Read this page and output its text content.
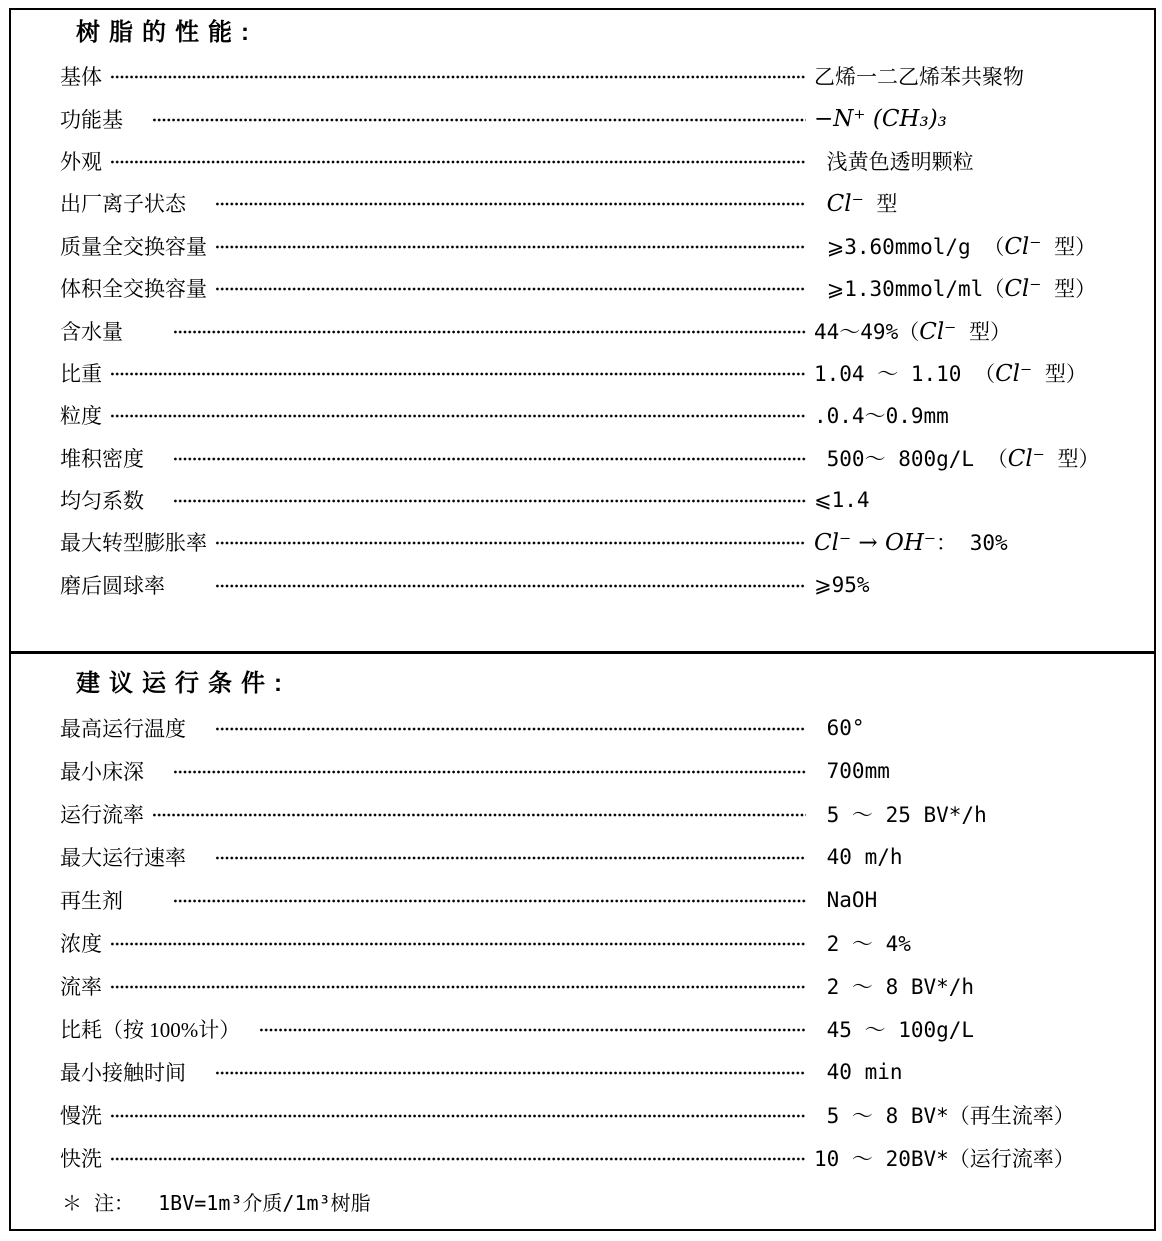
树脂的性能:
基体	乙烯一二乙烯苯共聚物
功能基　	−N⁺ (CH₃)₃
外观	浅黄色透明颗粒
出厂离子状态　	Cl⁻ 型
质量全交换容量	⩾3.60mmol/g （Cl⁻ 型）
体积全交换容量	⩾1.30mmol/ml（Cl⁻ 型）
含水量　　	44～49%（Cl⁻ 型）
比重	1.04 ～ 1.10 （Cl⁻ 型）
粒度	.0.4～0.9mm
堆积密度　	500～ 800g/L （Cl⁻ 型）
均匀系数　	⩽1.4
最大转型膨胀率	Cl⁻ → OH⁻： 30%
磨后圆球率　　	⩾95%
建议运行条件:
最高运行温度　	60°
最小床深　	700mm
运行流率	5 ～ 25 BV*/h
最大运行速率　	40 m/h
再生剂　　	NaOH
浓度	2 ～ 4%
流率	2 ～ 8 BV*/h
比耗（按 100%计）　	45 ～ 100g/L
最小接触时间　	40 min
慢洗	5 ～ 8 BV*（再生流率）
快洗	10 ～ 20BV*（运行流率）
＊ 注：  1BV=1m³介质/1m³树脂
